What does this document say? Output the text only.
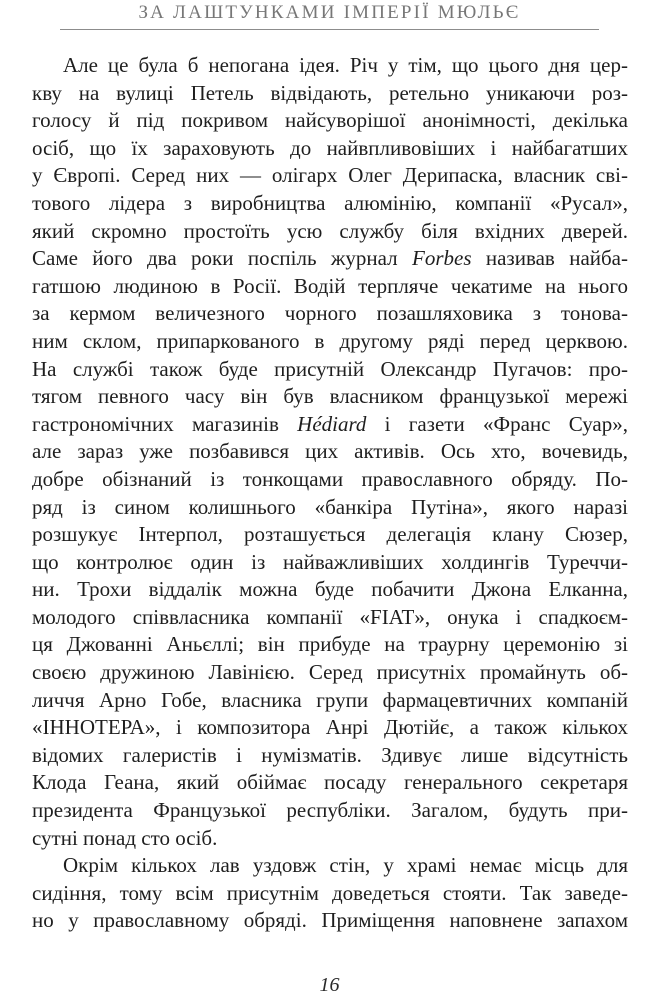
ЗА ЛАШТУНКАМИ ІМПЕРІЇ МЮЛЬЄ
Але це була б непогана ідея. Річ у тім, що цього дня цер-
кву на вулиці Петель відвідають, ретельно уникаючи роз-
голосу й під покривом найсуворішої анонімності, декілька
осіб, що їх зараховують до найвпливовіших і найбагатших
у Європі. Серед них — олігарх Олег Дерипаска, власник сві-
тового лідера з виробництва алюмінію, компанії «Русал»,
який скромно простоїть усю службу біля вхідних дверей.
Саме його два роки поспіль журнал Forbes називав найба-
гатшою людиною в Росії. Водій терпляче чекатиме на нього
за кермом величезного чорного позашляховика з тонова-
ним склом, припаркованого в другому ряді перед церквою.
На службі також буде присутній Олександр Пугачов: про-
тягом певного часу він був власником французької мережі
гастрономічних магазинів Hédiard і газети «Франс Суар»,
але зараз уже позбавився цих активів. Ось хто, вочевидь,
добре обізнаний із тонкощами православного обряду. По-
ряд із сином колишнього «банкіра Путіна», якого наразі
розшукує Інтерпол, розташується делегація клану Сюзер,
що контролює один із найважливіших холдингів Туреччи-
ни. Трохи віддалік можна буде побачити Джона Елканна,
молодого співвласника компанії «FIAT», онука і спадкоєм-
ця Джованні Аньєллі; він прибуде на траурну церемонію зі
своєю дружиною Лавінією. Серед присутніх промайнуть об-
личчя Арно Гобе, власника групи фармацевтичних компаній
«ІННОТЕРА», і композитора Анрі Дютійє, а також кількох
відомих галеристів і нумізматів. Здивує лише відсутність
Клода Геана, який обіймає посаду генерального секретаря
президента Французької республіки. Загалом, будуть при-
сутні понад сто осіб.
Окрім кількох лав уздовж стін, у храмі немає місць для
сидіння, тому всім присутнім доведеться стояти. Так заведе-
но у православному обряді. Приміщення наповнене запахом
16
